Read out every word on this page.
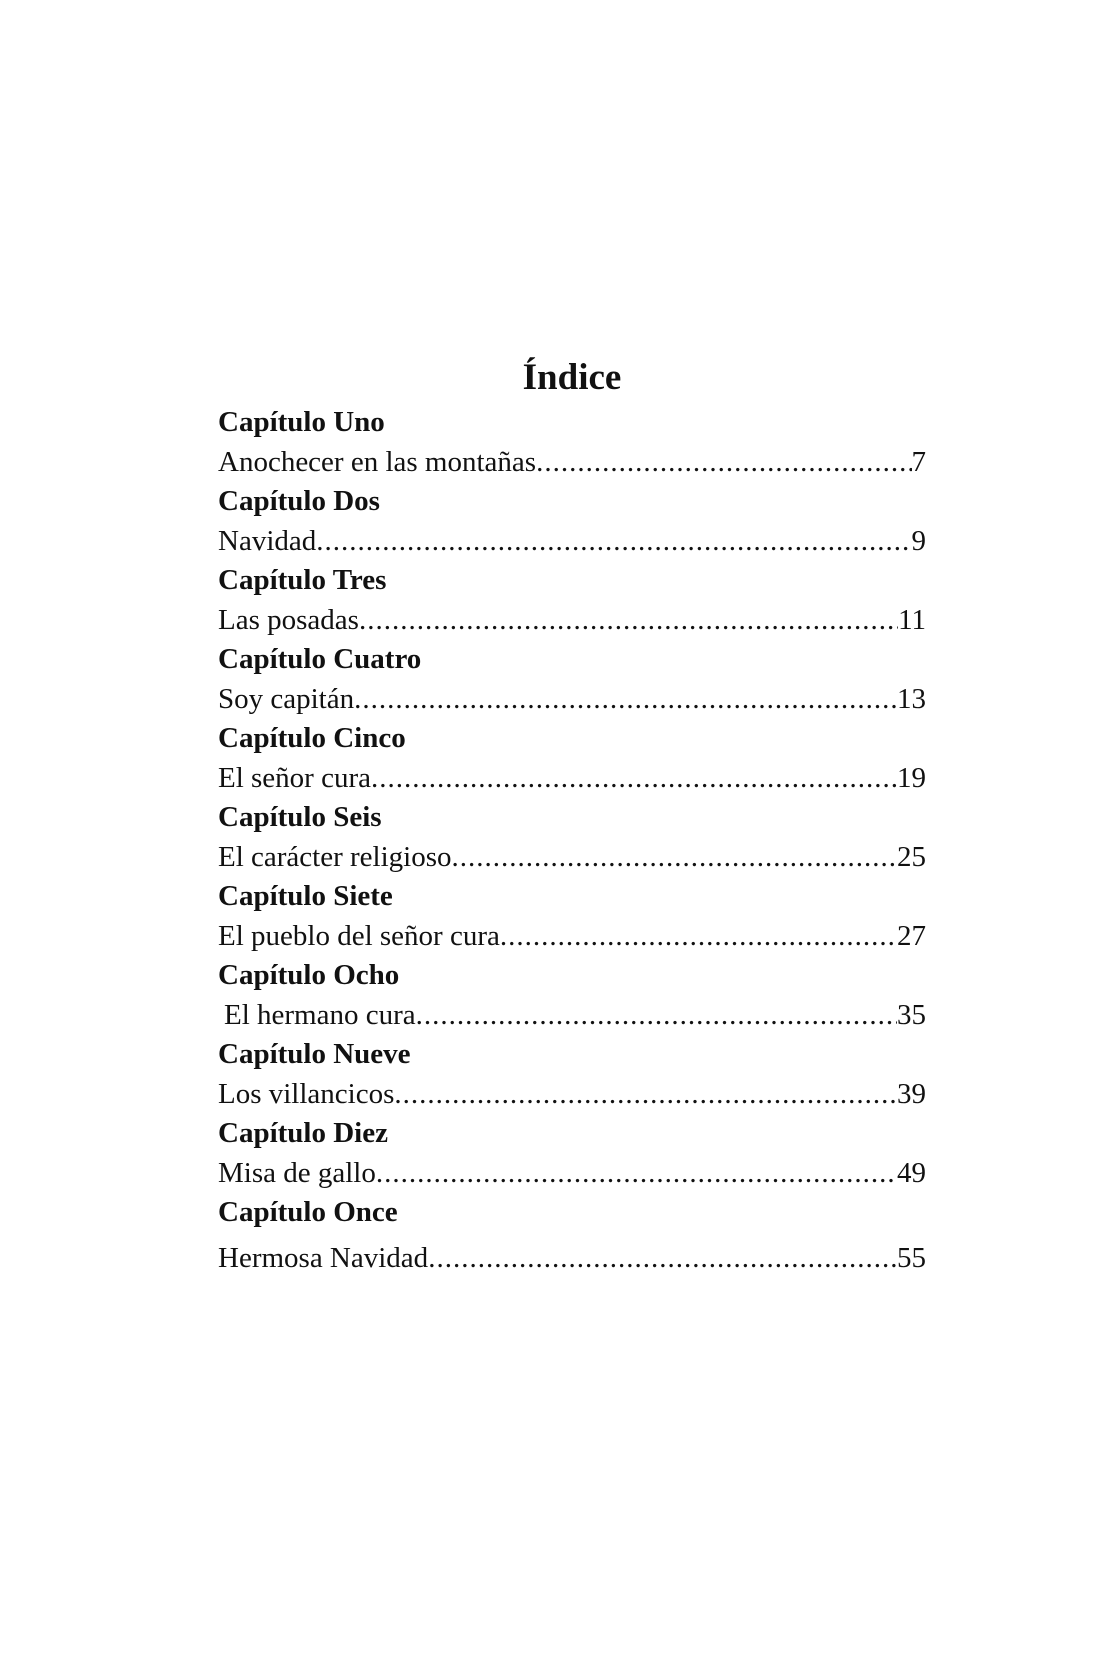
Índice
Capítulo Uno
Anochecer en las montañas .....	7
Capítulo Dos
Navidad .....	9
Capítulo Tres
Las posadas .....	11
Capítulo Cuatro
Soy capitán .....	13
Capítulo Cinco
El señor cura .....	19
Capítulo Seis
El carácter religioso .....	25
Capítulo Siete
El pueblo del señor cura .....	27
Capítulo Ocho
El hermano cura .....	35
Capítulo Nueve
Los villancicos .....	39
Capítulo Diez
Misa de gallo .....	49
Capítulo Once
Hermosa Navidad .....	55
